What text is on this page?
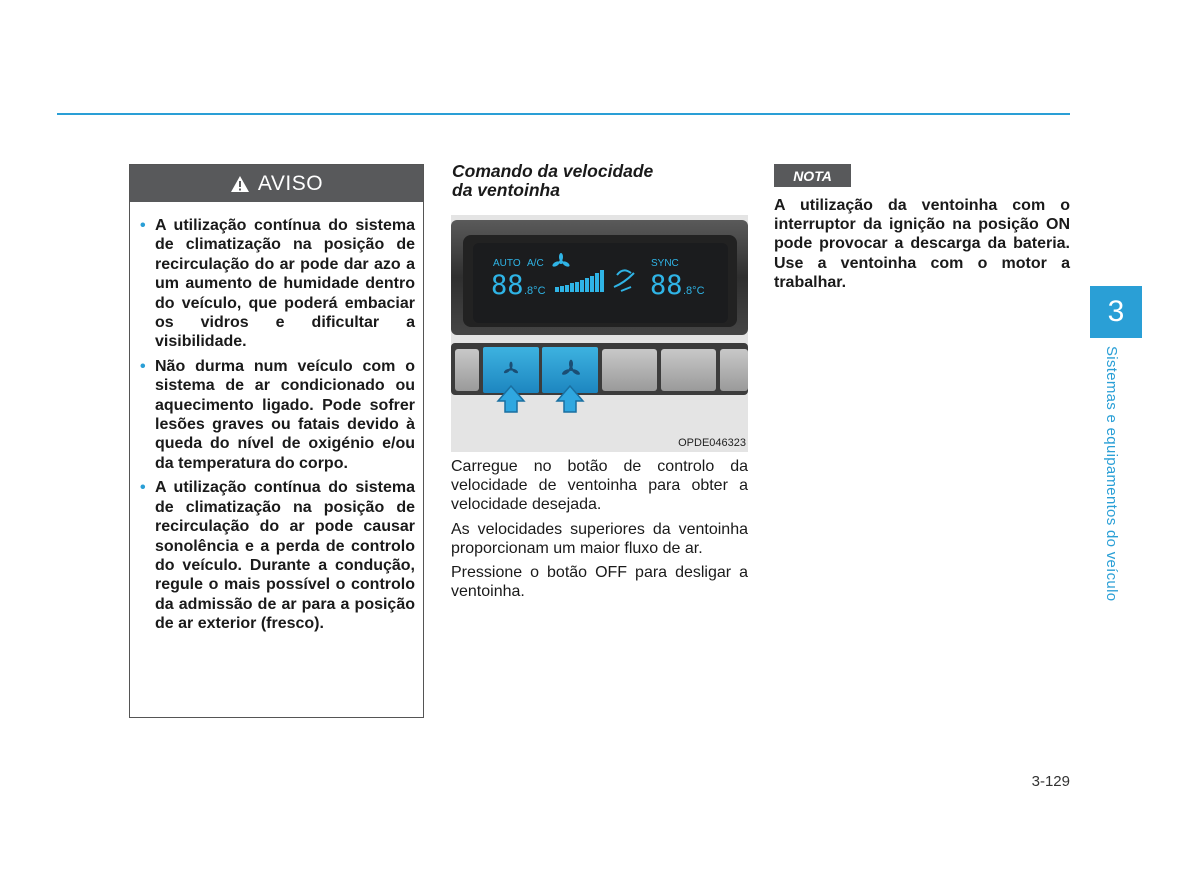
AVISO
• A utilização contínua do sistema de climatização na posição de recirculação do ar pode dar azo a um aumento de humidade dentro do veículo, que poderá embaciar os vidros e dificultar a visibilidade.
• Não durma num veículo com o sistema de ar condicionado ou aquecimento ligado. Pode sofrer lesões graves ou fatais devido à queda do nível de oxigénio e/ou da temperatura do corpo.
• A utilização contínua do sistema de climatização na posição de recirculação do ar pode causar sonolência e a perda de controlo do veículo. Durante a condução, regule o mais possível o controlo da admissão de ar para a posição de ar exterior (fresco).
Comando da velocidade
da ventoinha
AUTO A/C	SYNC
88 .8°C	88 .8°C
OPDE046323

Carregue no botão de controlo da velocidade de ventoinha para obter a velocidade desejada.

As velocidades superiores da ventoinha proporcionam um maior fluxo de ar.

Pressione o botão OFF para desligar a ventoinha.

NOTA
A utilização da ventoinha com o interruptor da ignição na posição ON pode provocar a descarga da bateria. Use a ventoinha com o motor a trabalhar.
3
Sistemas e equipamentos do veículo
3-129
